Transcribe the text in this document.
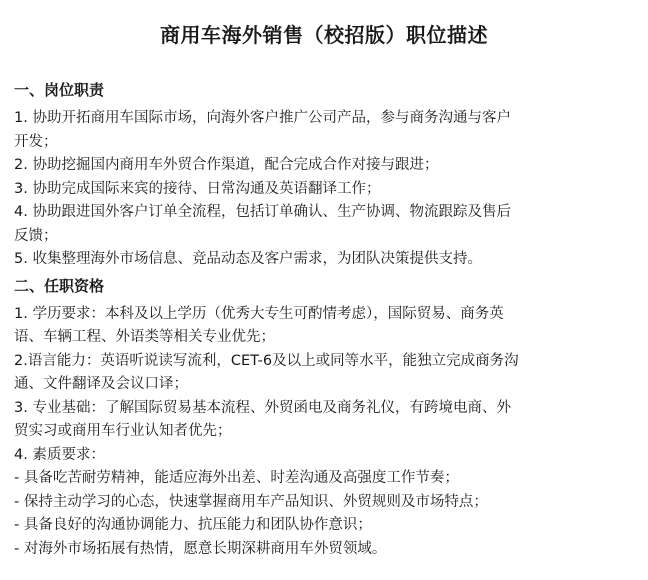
商用车海外销售（校招版）职位描述
一、岗位职责
1. 协助开拓商用车国际市场，向海外客户推广公司产品，参与商务沟通与客户
开发；
2. 协助挖掘国内商用车外贸合作渠道，配合完成合作对接与跟进；
3. 协助完成国际来宾的接待、日常沟通及英语翻译工作；
4. 协助跟进国外客户订单全流程，包括订单确认、生产协调、物流跟踪及售后
反馈；
5. 收集整理海外市场信息、竞品动态及客户需求，为团队决策提供支持。
二、任职资格
1. 学历要求：本科及以上学历（优秀大专生可酌情考虑），国际贸易、商务英
语、车辆工程、外语类等相关专业优先；
2.语言能力：英语听说读写流利，CET-6及以上或同等水平，能独立完成商务沟
通、文件翻译及会议口译；
3. 专业基础：了解国际贸易基本流程、外贸函电及商务礼仪，有跨境电商、外
贸实习或商用车行业认知者优先；
4. 素质要求：
- 具备吃苦耐劳精神，能适应海外出差、时差沟通及高强度工作节奏；
- 保持主动学习的心态，快速掌握商用车产品知识、外贸规则及市场特点；
- 具备良好的沟通协调能力、抗压能力和团队协作意识；
- 对海外市场拓展有热情，愿意长期深耕商用车外贸领域。
